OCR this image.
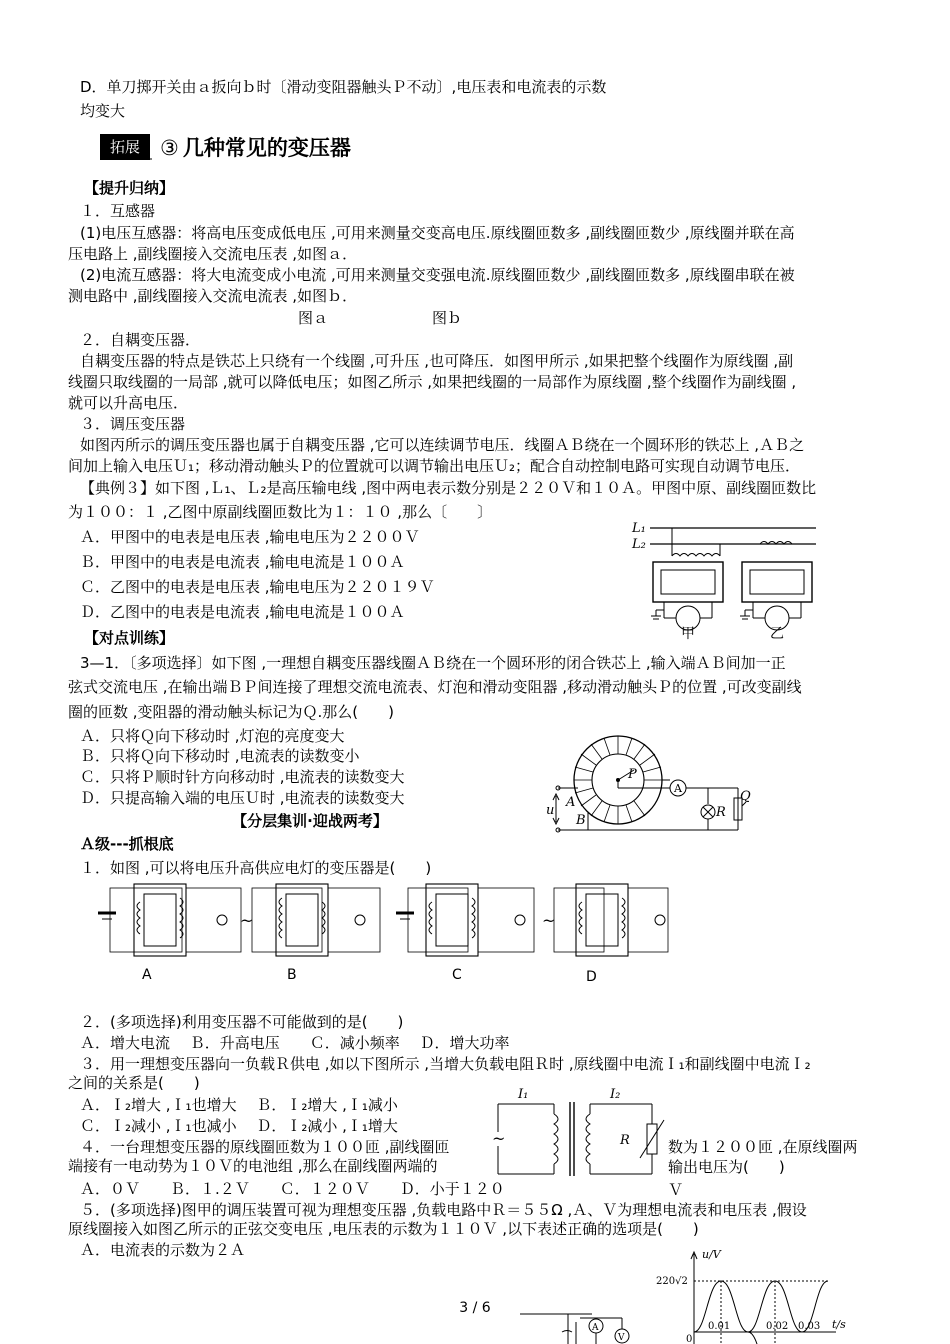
D．单刀掷开关由ａ扳向ｂ时〔滑动变阻器触头Ｐ不动〕,电压表和电流表的示数
均变大
拓展 ③ 几种常见的变压器
【提升归纳】
１．互感器
(1)电压互感器：将高电压变成低电压 ,可用来测量交变高电压.原线圈匝数多 ,副线圈匝数少 ,原线圈并联在高
压电路上 ,副线圈接入交流电压表 ,如图ａ．
(2)电流互感器：将大电流变成小电流 ,可用来测量交变强电流.原线圈匝数少 ,副线圈匝数多 ,原线圈串联在被
测电路中 ,副线圈接入交流电流表 ,如图ｂ．
图ａ	图ｂ
２．自耦变压器．
自耦变压器的特点是铁芯上只绕有一个线圈 ,可升压 ,也可降压．如图甲所示 ,如果把整个线圈作为原线圈 ,副
线圈只取线圈的一局部 ,就可以降低电压；如图乙所示 ,如果把线圈的一局部作为原线圈 ,整个线圈作为副线圈 ,
就可以升高电压．
３．调压变压器
如图丙所示的调压变压器也属于自耦变压器 ,它可以连续调节电压．线圈ＡＢ绕在一个圆环形的铁芯上 ,ＡＢ之
间加上输入电压Ｕ₁；移动滑动触头Ｐ的位置就可以调节输出电压Ｕ₂；配合自动控制电路可实现自动调节电压．
【典例３】如下图 ,Ｌ₁、Ｌ₂是高压输电线 ,图中两电表示数分别是２２０Ｖ和１０Ａ。甲图中原、副线圈匝数比
为１００：１ ,乙图中原副线圈匝数比为１：１０ ,那么〔　　〕
Ａ．甲图中的电表是电压表 ,输电电压为２２００Ｖ
Ｂ．甲图中的电表是电流表 ,输电电流是１００Ａ
Ｃ．乙图中的电表是电压表 ,输电电压为２２０１９Ｖ
Ｄ．乙图中的电表是电流表 ,输电电流是１００Ａ
L₁
L₂
甲	乙
【对点训练】
3—1．〔多项选择〕如下图 ,一理想自耦变压器线圈ＡＢ绕在一个圆环形的闭合铁芯上 ,输入端ＡＢ间加一正
弦式交流电压 ,在输出端ＢＰ间连接了理想交流电流表、灯泡和滑动变阻器 ,移动滑动触头Ｐ的位置 ,可改变副线
圈的匝数 ,变阻器的滑动触头标记为Ｑ.那么(　　)
Ａ．只将Ｑ向下移动时 ,灯泡的亮度变大
Ｂ．只将Ｑ向下移动时 ,电流表的读数变小
Ｃ．只将Ｐ顺时针方向移动时 ,电流表的读数变大
Ｄ．只提高输入端的电压Ｕ时 ,电流表的读数变大
P
A
R
Q
u
A
B
【分层集训·迎战两考】
Ａ级---抓根底
１．如图 ,可以将电压升高供应电灯的变压器是(　　)
~	~
A	B	C	D
２．(多项选择)利用变压器不可能做到的是(　　)
Ａ．增大电流　 Ｂ．升高电压　　Ｃ．减小频率　 Ｄ．增大功率
３．用一理想变压器向一负载Ｒ供电 ,如以下图所示 ,当增大负载电阻Ｒ时 ,原线圈中电流Ｉ₁和副线圈中电流Ｉ₂
之间的关系是(　　)
Ａ．Ｉ₂增大 ,Ｉ₁也增大　 Ｂ．Ｉ₂增大 ,Ｉ₁减小
Ｃ．Ｉ₂减小 ,Ｉ₁也减小　 Ｄ．Ｉ₂减小 ,Ｉ₁增大
I₁	I₂
~	R
４．一台理想变压器的原线圈匝数为１００匝 ,副线圈匝	数为１２００匝 ,在原线圈两
端接有一电动势为１０Ｖ的电池组 ,那么在副线圈两端的	输出电压为(　　)
Ａ．０Ｖ　　Ｂ．１.２Ｖ　　Ｃ．１２０Ｖ　　Ｄ．小于１２０	Ｖ
５．(多项选择)图甲的调压装置可视为理想变压器 ,负载电路中Ｒ＝５５Ω ,Ａ、Ｖ为理想电流表和电压表 ,假设
原线圈接入如图乙所示的正弦交变电压 ,电压表的示数为１１０Ｖ ,以下表述正确的选项是(　　)
Ａ．电流表的示数为２Ａ
A
V
u/V
220√2
t/s
0.01	0.02 0.03
0
3 / 6
